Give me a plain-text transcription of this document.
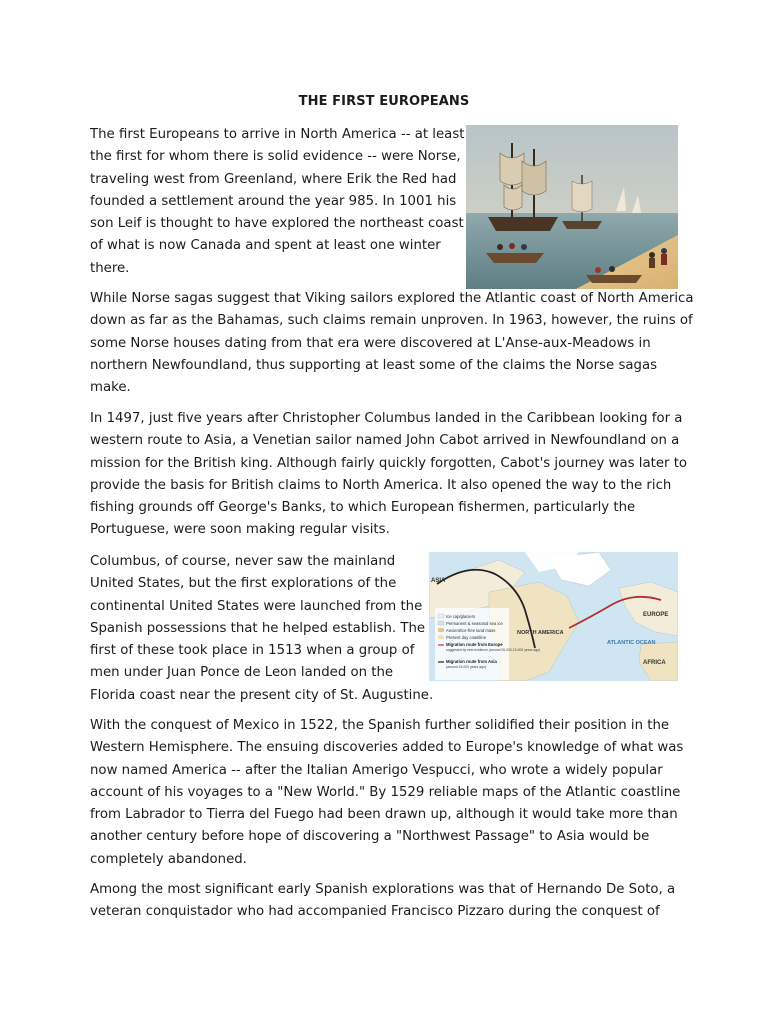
THE FIRST EUROPEANS

The first Europeans to arrive in North America -- at least
the first for whom there is solid evidence -- were Norse,
traveling west from Greenland, where Erik the Red had
founded a settlement around the year 985. In 1001 his
son Leif is thought to have explored the northeast coast
of what is now Canada and spent at least one winter
there.

While Norse sagas suggest that Viking sailors explored the Atlantic coast of North America
down as far as the Bahamas, such claims remain unproven. In 1963, however, the ruins of
some Norse houses dating from that era were discovered at L'Anse-aux-Meadows in
northern Newfoundland, thus supporting at least some of the claims the Norse sagas
make.

In 1497, just five years after Christopher Columbus landed in the Caribbean looking for a
western route to Asia, a Venetian sailor named John Cabot arrived in Newfoundland on a
mission for the British king. Although fairly quickly forgotten, Cabot's journey was later to
provide the basis for British claims to North America. It also opened the way to the rich
fishing grounds off George's Banks, to which European fishermen, particularly the
Portuguese, were soon making regular visits.

Columbus, of course, never saw the mainland
United States, but the first explorations of the
continental United States were launched from the
Spanish possessions that he helped establish. The
first of these took place in 1513 when a group of
men under Juan Ponce de Leon landed on the
Florida coast near the present city of St. Augustine.

Ice cap/glaciers
Permanent & seasonal sea ice
Ancient/ice-free land mass
Present day coastline
Migration route from Europe
suggested by new evidence (around 26,000-19,000 years ago)
Migration route from Asia
(around 15,000 years ago)
ASIA
NORTH AMERICA
ATLANTIC OCEAN
EUROPE
AFRICA

With the conquest of Mexico in 1522, the Spanish further solidified their position in the
Western Hemisphere. The ensuing discoveries added to Europe's knowledge of what was
now named America -- after the Italian Amerigo Vespucci, who wrote a widely popular
account of his voyages to a "New World." By 1529 reliable maps of the Atlantic coastline
from Labrador to Tierra del Fuego had been drawn up, although it would take more than
another century before hope of discovering a "Northwest Passage" to Asia would be
completely abandoned.

Among the most significant early Spanish explorations was that of Hernando De Soto, a
veteran conquistador who had accompanied Francisco Pizzaro during the conquest of
